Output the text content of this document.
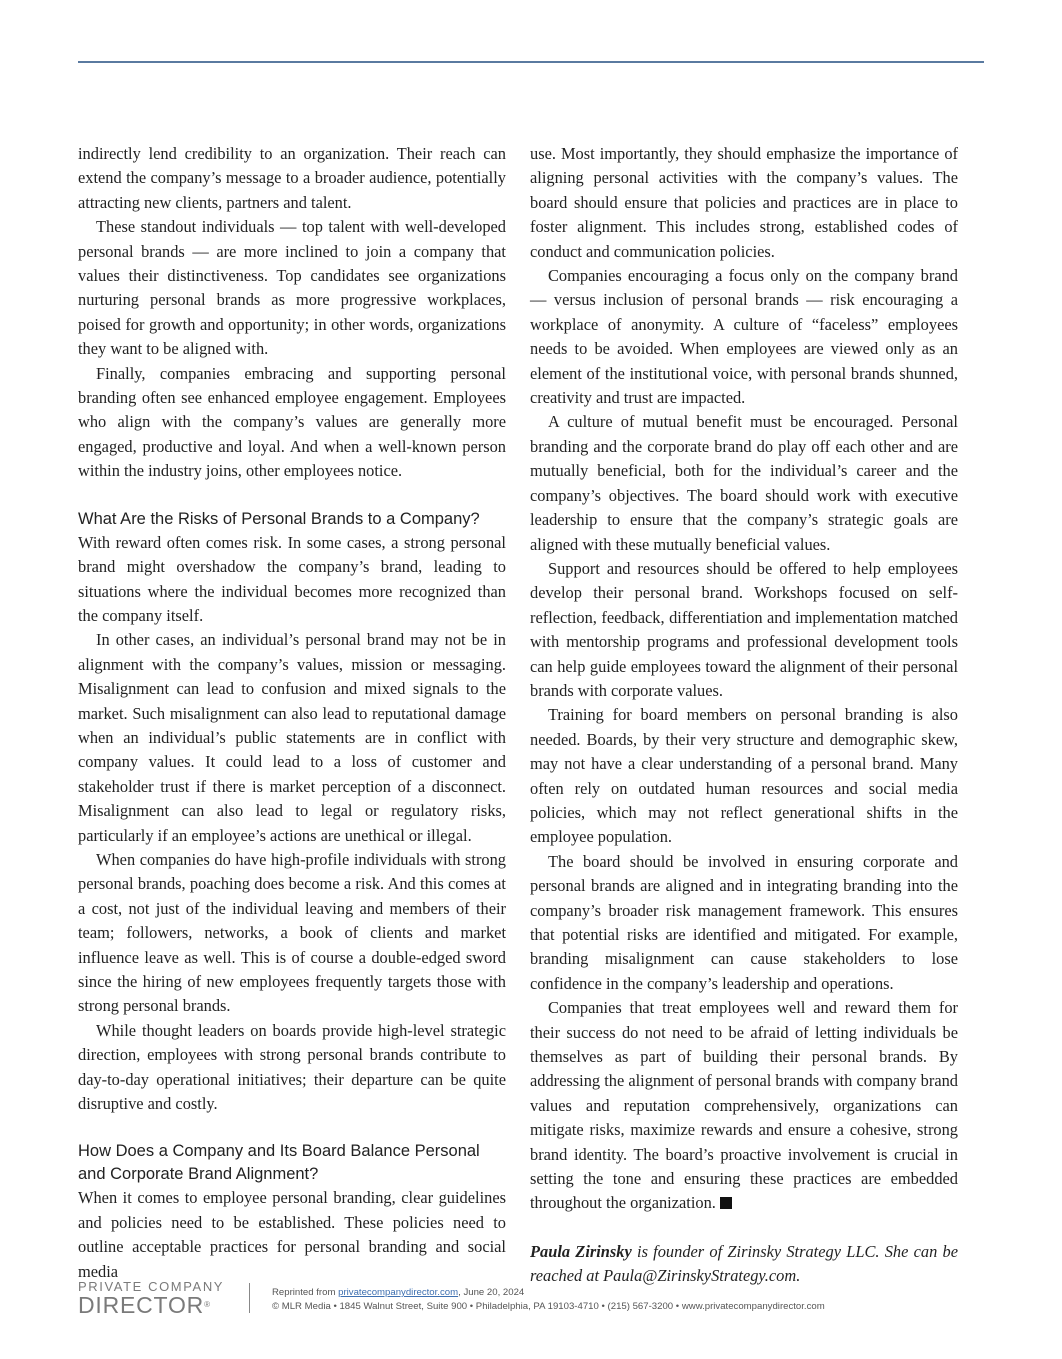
indirectly lend credibility to an organization. Their reach can extend the company’s message to a broader audience, potentially attracting new clients, partners and talent.

These standout individuals — top talent with well-developed personal brands — are more inclined to join a company that values their distinctiveness. Top candidates see organizations nurturing personal brands as more progressive workplaces, poised for growth and opportunity; in other words, organizations they want to be aligned with.

Finally, companies embracing and supporting personal branding often see enhanced employee engagement. Employees who align with the company’s values are generally more engaged, productive and loyal. And when a well-known person within the industry joins, other employees notice.

What Are the Risks of Personal Brands to a Company?

With reward often comes risk. In some cases, a strong personal brand might overshadow the company’s brand, leading to situations where the individual becomes more recognized than the company itself.

In other cases, an individual’s personal brand may not be in alignment with the company’s values, mission or messaging. Misalignment can lead to confusion and mixed signals to the market. Such misalignment can also lead to reputational damage when an individual’s public statements are in conflict with company values. It could lead to a loss of customer and stakeholder trust if there is market perception of a disconnect. Misalignment can also lead to legal or regulatory risks, particularly if an employee’s actions are unethical or illegal.

When companies do have high-profile individuals with strong personal brands, poaching does become a risk. And this comes at a cost, not just of the individual leaving and members of their team; followers, networks, a book of clients and market influence leave as well. This is of course a double-edged sword since the hiring of new employees frequently targets those with strong personal brands.

While thought leaders on boards provide high-level strategic direction, employees with strong personal brands contribute to day-to-day operational initiatives; their departure can be quite disruptive and costly.

How Does a Company and Its Board Balance Personal and Corporate Brand Alignment?

When it comes to employee personal branding, clear guidelines and policies need to be established. These policies need to outline acceptable practices for personal branding and social media

use. Most importantly, they should emphasize the importance of aligning personal activities with the company’s values. The board should ensure that policies and practices are in place to foster alignment. This includes strong, established codes of conduct and communication policies.

Companies encouraging a focus only on the company brand — versus inclusion of personal brands — risk encouraging a workplace of anonymity. A culture of “faceless” employees needs to be avoided. When employees are viewed only as an element of the institutional voice, with personal brands shunned, creativity and trust are impacted.

A culture of mutual benefit must be encouraged. Personal branding and the corporate brand do play off each other and are mutually beneficial, both for the individual’s career and the company’s objectives. The board should work with executive leadership to ensure that the company’s strategic goals are aligned with these mutually beneficial values.

Support and resources should be offered to help employees develop their personal brand. Workshops focused on self-reflection, feedback, differentiation and implementation matched with mentorship programs and professional development tools can help guide employees toward the alignment of their personal brands with corporate values.

Training for board members on personal branding is also needed. Boards, by their very structure and demographic skew, may not have a clear understanding of a personal brand. Many often rely on outdated human resources and social media policies, which may not reflect generational shifts in the employee population.

The board should be involved in ensuring corporate and personal brands are aligned and in integrating branding into the company’s broader risk management framework. This ensures that potential risks are identified and mitigated. For example, branding misalignment can cause stakeholders to lose confidence in the company’s leadership and operations.

Companies that treat employees well and reward them for their success do not need to be afraid of letting individuals be themselves as part of building their personal brands. By addressing the alignment of personal brands with company brand values and reputation comprehensively, organizations can mitigate risks, maximize rewards and ensure a cohesive, strong brand identity. The board’s proactive involvement is crucial in setting the tone and ensuring these practices are embedded throughout the organization.

Paula Zirinsky is founder of Zirinsky Strategy LLC. She can be reached at Paula@ZirinskyStrategy.com.

PRIVATE COMPANY
DIRECTOR®
Reprinted from privatecompanydirector.com, June 20, 2024
© MLR Media • 1845 Walnut Street, Suite 900 • Philadelphia, PA 19103-4710 • (215) 567-3200 • www.privatecompanydirector.com
